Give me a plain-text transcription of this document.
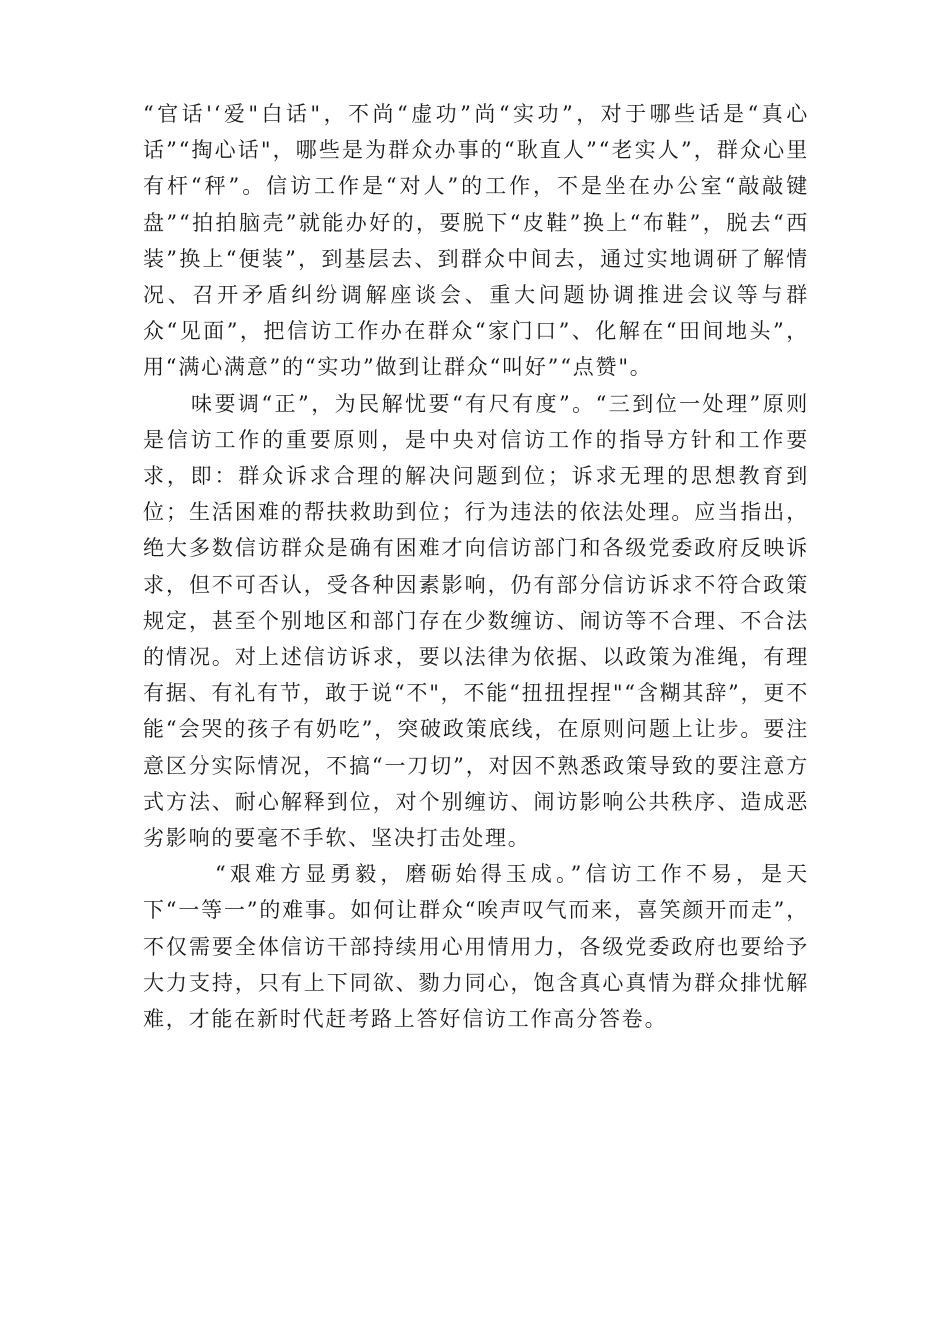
“官话'‘爱"白话"，不尚“虚功”尚“实功”，对于哪些话是“真心话”“掏心话"，哪些是为群众办事的“耿直人”“老实人”，群众心里有杆“秤”。信访工作是“对人”的工作，不是坐在办公室“敲敲键盘”“拍拍脑壳”就能办好的，要脱下“皮鞋”换上“布鞋”，脱去“西装”换上“便装”，到基层去、到群众中间去，通过实地调研了解情况、召开矛盾纠纷调解座谈会、重大问题协调推进会议等与群众“见面”，把信访工作办在群众“家门口”、化解在“田间地头”，用“满心满意”的“实功”做到让群众“叫好”“点赞"。

味要调“正”，为民解忧要“有尺有度”。“三到位一处理”原则是信访工作的重要原则，是中央对信访工作的指导方针和工作要求，即：群众诉求合理的解决问题到位；诉求无理的思想教育到位；生活困难的帮扶救助到位；行为违法的依法处理。应当指出，绝大多数信访群众是确有困难才向信访部门和各级党委政府反映诉求，但不可否认，受各种因素影响，仍有部分信访诉求不符合政策规定，甚至个别地区和部门存在少数缠访、闹访等不合理、不合法的情况。对上述信访诉求，要以法律为依据、以政策为准绳，有理有据、有礼有节，敢于说“不"，不能“扭扭捏捏"“含糊其辞”，更不能“会哭的孩子有奶吃”，突破政策底线，在原则问题上让步。要注意区分实际情况，不搞“一刀切”，对因不熟悉政策导致的要注意方式方法、耐心解释到位，对个别缠访、闹访影响公共秩序、造成恶劣影响的要毫不手软、坚决打击处理。

“艰难方显勇毅，磨砺始得玉成。”信访工作不易，是天下“一等一”的难事。如何让群众“唉声叹气而来，喜笑颜开而走”，不仅需要全体信访干部持续用心用情用力，各级党委政府也要给予大力支持，只有上下同欲、勠力同心，饱含真心真情为群众排忧解难，才能在新时代赶考路上答好信访工作高分答卷。
